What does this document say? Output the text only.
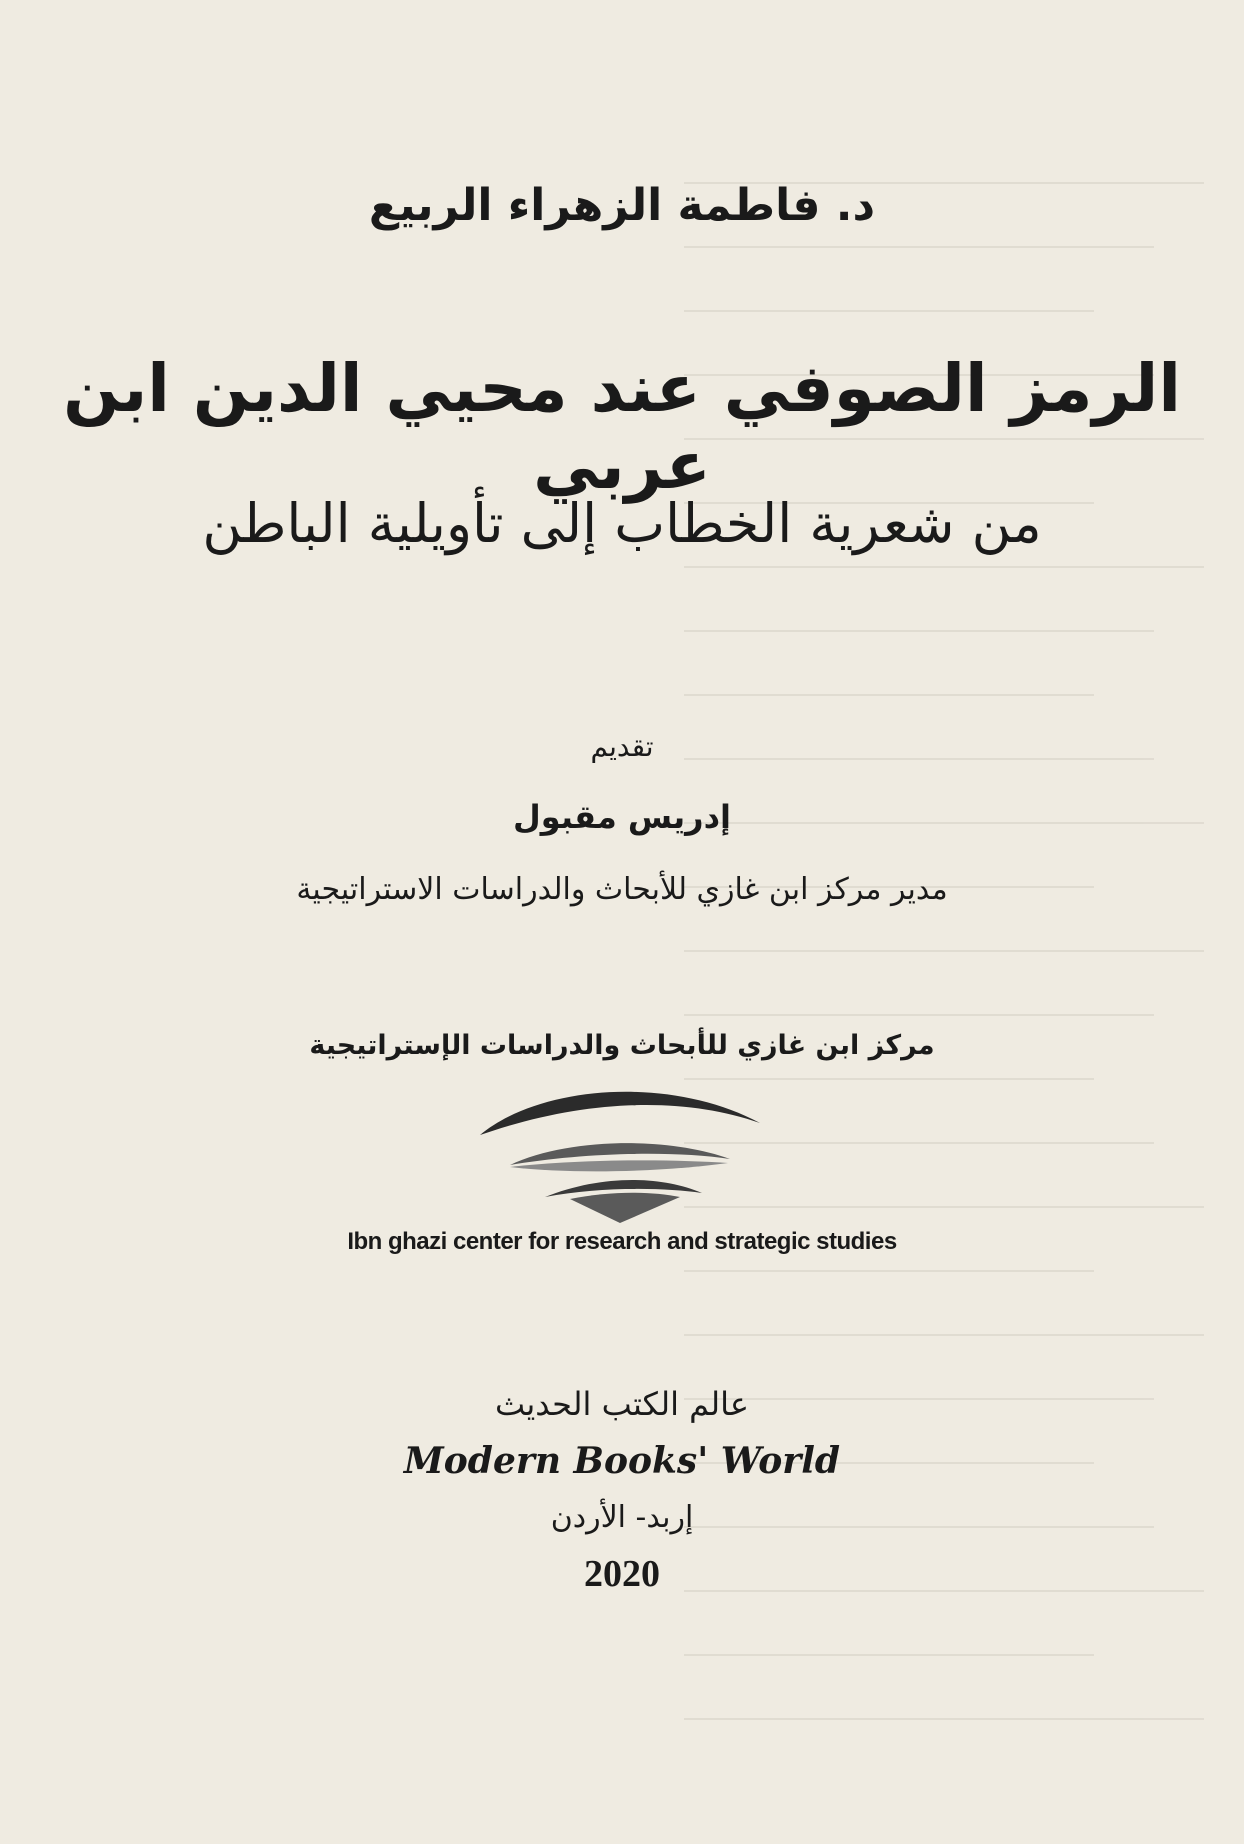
د. فاطمة الزهراء الربيع
الرمز الصوفي عند محيي الدين ابن عربي
من شعرية الخطاب إلى تأويلية الباطن
تقديم
إدريس مقبول
مدير مركز ابن غازي للأبحاث والدراسات الاستراتيجية
مركز ابن غازي للأبحاث والدراسات الإستراتيجية
Ibn ghazi center for research and strategic studies
عالم الكتب الحديث
Modern Books' World
إربد- الأردن
2020
